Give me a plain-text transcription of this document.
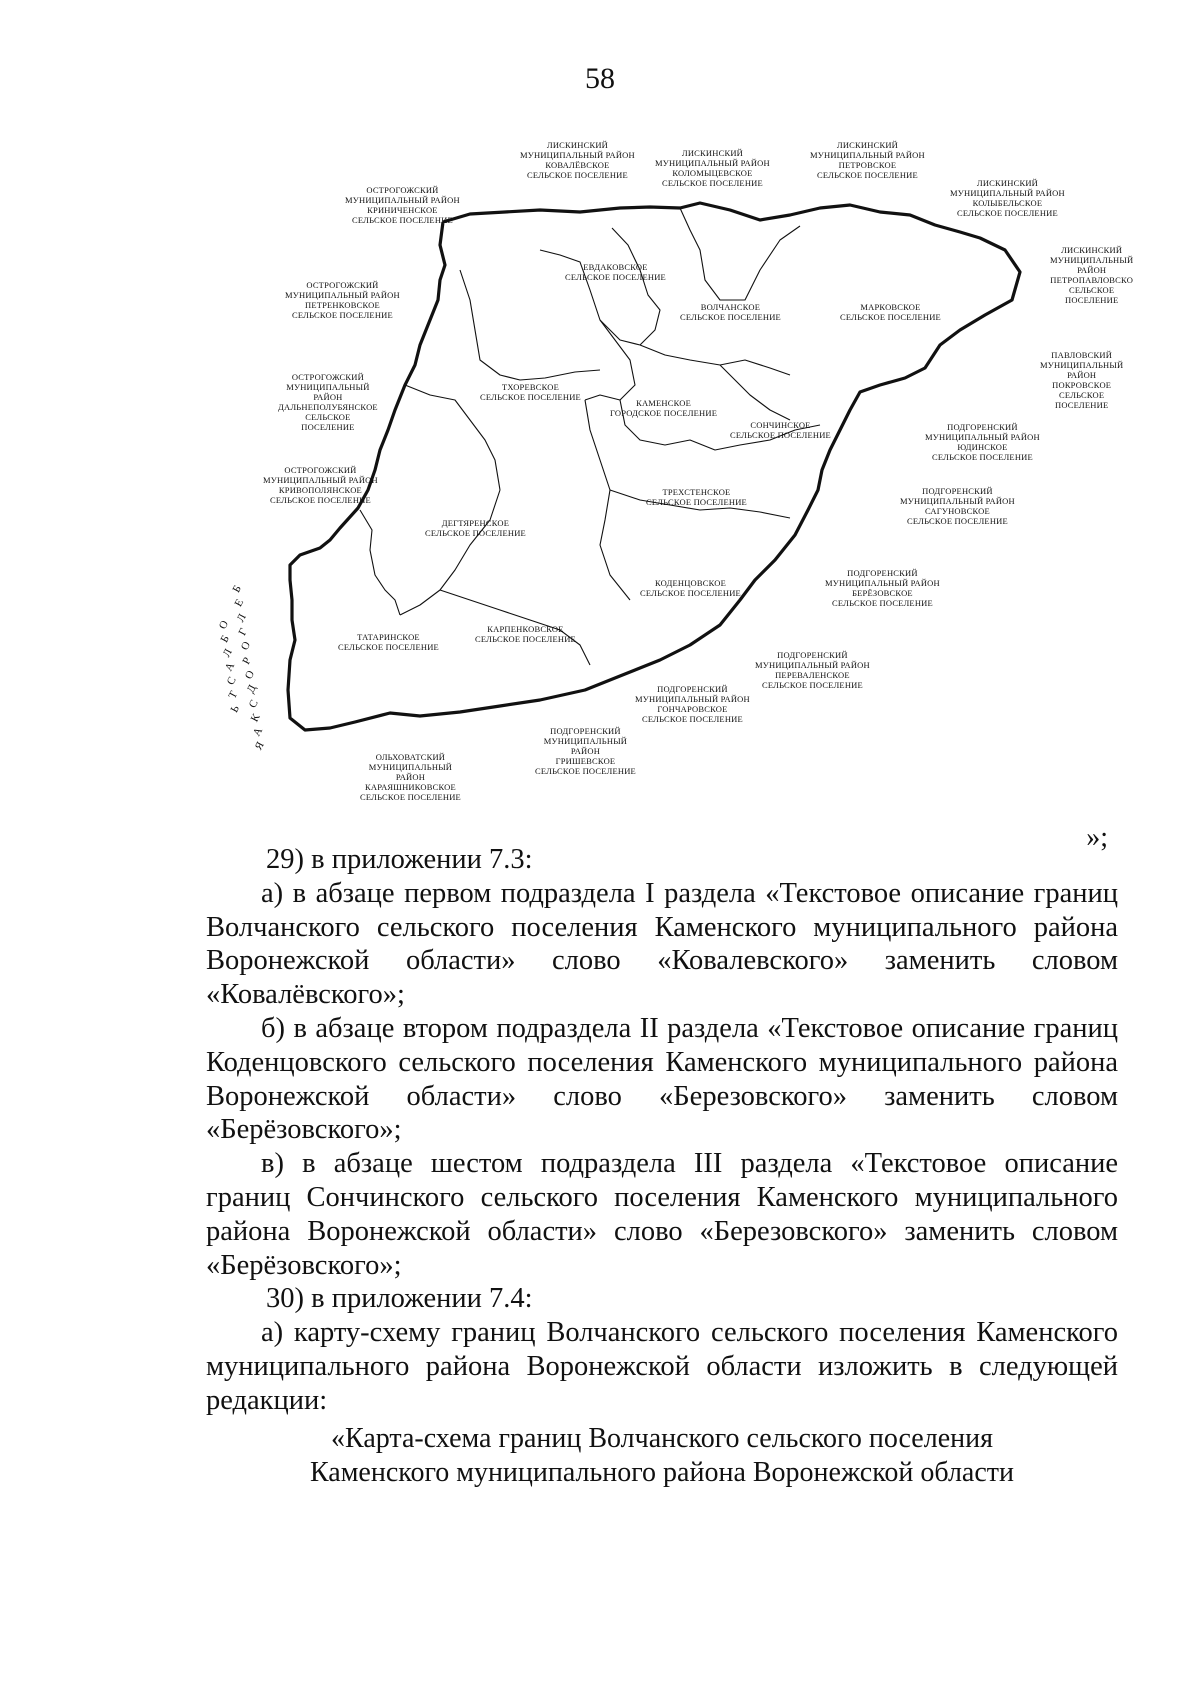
58
ЛИСКИНСКИЙ
МУНИЦИПАЛЬНЫЙ РАЙОН
КОВАЛЁВСКОЕ
СЕЛЬСКОЕ ПОСЕЛЕНИЕ
ЛИСКИНСКИЙ
МУНИЦИПАЛЬНЫЙ РАЙОН
КОЛОМЫЦЕВСКОЕ
СЕЛЬСКОЕ ПОСЕЛЕНИЕ
ЛИСКИНСКИЙ
МУНИЦИПАЛЬНЫЙ РАЙОН
ПЕТРОВСКОЕ
СЕЛЬСКОЕ ПОСЕЛЕНИЕ
ЛИСКИНСКИЙ
МУНИЦИПАЛЬНЫЙ РАЙОН
КОЛЫБЕЛЬСКОЕ
СЕЛЬСКОЕ ПОСЕЛЕНИЕ
ЛИСКИНСКИЙ
МУНИЦИПАЛЬНЫЙ
РАЙОН
ПЕТРОПАВЛОВСКО
СЕЛЬСКОЕ
ПОСЕЛЕНИЕ
ОСТРОГОЖСКИЙ
МУНИЦИПАЛЬНЫЙ РАЙОН
КРИНИЧЕНСКОЕ
СЕЛЬСКОЕ ПОСЕЛЕНИЕ
ОСТРОГОЖСКИЙ
МУНИЦИПАЛЬНЫЙ РАЙОН
ПЕТРЕНКОВСКОЕ
СЕЛЬСКОЕ ПОСЕЛЕНИЕ
ОСТРОГОЖСКИЙ
МУНИЦИПАЛЬНЫЙ
РАЙОН
ДАЛЬНЕПОЛУБЯНСКОЕ
СЕЛЬСКОЕ
ПОСЕЛЕНИЕ
ОСТРОГОЖСКИЙ
МУНИЦИПАЛЬНЫЙ РАЙОН
КРИВОПОЛЯНСКОЕ
СЕЛЬСКОЕ ПОСЕЛЕНИЕ
ЕВДАКОВСКОЕ
СЕЛЬСКОЕ ПОСЕЛЕНИЕ
ВОЛЧАНСКОЕ
СЕЛЬСКОЕ ПОСЕЛЕНИЕ
МАРКОВСКОЕ
СЕЛЬСКОЕ ПОСЕЛЕНИЕ
ТХОРЕВСКОЕ
СЕЛЬСКОЕ ПОСЕЛЕНИЕ
КАМЕНСКОЕ
ГОРОДСКОЕ ПОСЕЛЕНИЕ
СОНЧИНСКОЕ
СЕЛЬСКОЕ ПОСЕЛЕНИЕ
ПАВЛОВСКИЙ
МУНИЦИПАЛЬНЫЙ
РАЙОН
ПОКРОВСКОЕ
СЕЛЬСКОЕ
ПОСЕЛЕНИЕ
ПОДГОРЕНСКИЙ
МУНИЦИПАЛЬНЫЙ РАЙОН
ЮДИНСКОЕ
СЕЛЬСКОЕ ПОСЕЛЕНИЕ
ПОДГОРЕНСКИЙ
МУНИЦИПАЛЬНЫЙ РАЙОН
САГУНОВСКОЕ
СЕЛЬСКОЕ ПОСЕЛЕНИЕ
ТРЕХСТЕНСКОЕ
СЕЛЬСКОЕ ПОСЕЛЕНИЕ
ДЕГТЯРЕНСКОЕ
СЕЛЬСКОЕ ПОСЕЛЕНИЕ
КОДЕНЦОВСКОЕ
СЕЛЬСКОЕ ПОСЕЛЕНИЕ
ПОДГОРЕНСКИЙ
МУНИЦИПАЛЬНЫЙ РАЙОН
БЕРЁЗОВСКОЕ
СЕЛЬСКОЕ ПОСЕЛЕНИЕ
ТАТАРИНСКОЕ
СЕЛЬСКОЕ ПОСЕЛЕНИЕ
КАРПЕНКОВСКОЕ
СЕЛЬСКОЕ ПОСЕЛЕНИЕ
ПОДГОРЕНСКИЙ
МУНИЦИПАЛЬНЫЙ РАЙОН
ПЕРЕВАЛЕНСКОЕ
СЕЛЬСКОЕ ПОСЕЛЕНИЕ
ПОДГОРЕНСКИЙ
МУНИЦИПАЛЬНЫЙ РАЙОН
ГОНЧАРОВСКОЕ
СЕЛЬСКОЕ ПОСЕЛЕНИЕ
ПОДГОРЕНСКИЙ
МУНИЦИПАЛЬНЫЙ
РАЙОН
ГРИШЕВСКОЕ
СЕЛЬСКОЕ ПОСЕЛЕНИЕ
ОЛЬХОВАТСКИЙ
МУНИЦИПАЛЬНЫЙ
РАЙОН
КАРАЯШНИКОВСКОЕ
СЕЛЬСКОЕ ПОСЕЛЕНИЕ
Б
Е
Л
Г
О
Р
О
Д
С
К
А
Я
О
Б
Л
А
С
Т
Ь
»;

29) в приложении 7.3:

а) в абзаце первом подраздела I раздела «Текстовое описание границ Волчанского сельского поселения Каменского муниципального района Воронежской области» слово «Ковалевского» заменить словом «Ковалёвского»;

б) в абзаце втором подраздела II раздела «Текстовое описание границ Коденцовского сельского поселения Каменского муниципального района Воронежской области» слово «Березовского» заменить словом «Берёзовского»;

в) в абзаце шестом подраздела III раздела «Текстовое описание границ Сончинского сельского поселения Каменского муниципального района Воронежской области» слово «Березовского» заменить словом «Берёзовского»;

30) в приложении 7.4:

а) карту-схему границ Волчанского сельского поселения Каменского муниципального района Воронежской области изложить в следующей редакции:

«Карта-схема границ Волчанского сельского поселения

Каменского муниципального района Воронежской области
